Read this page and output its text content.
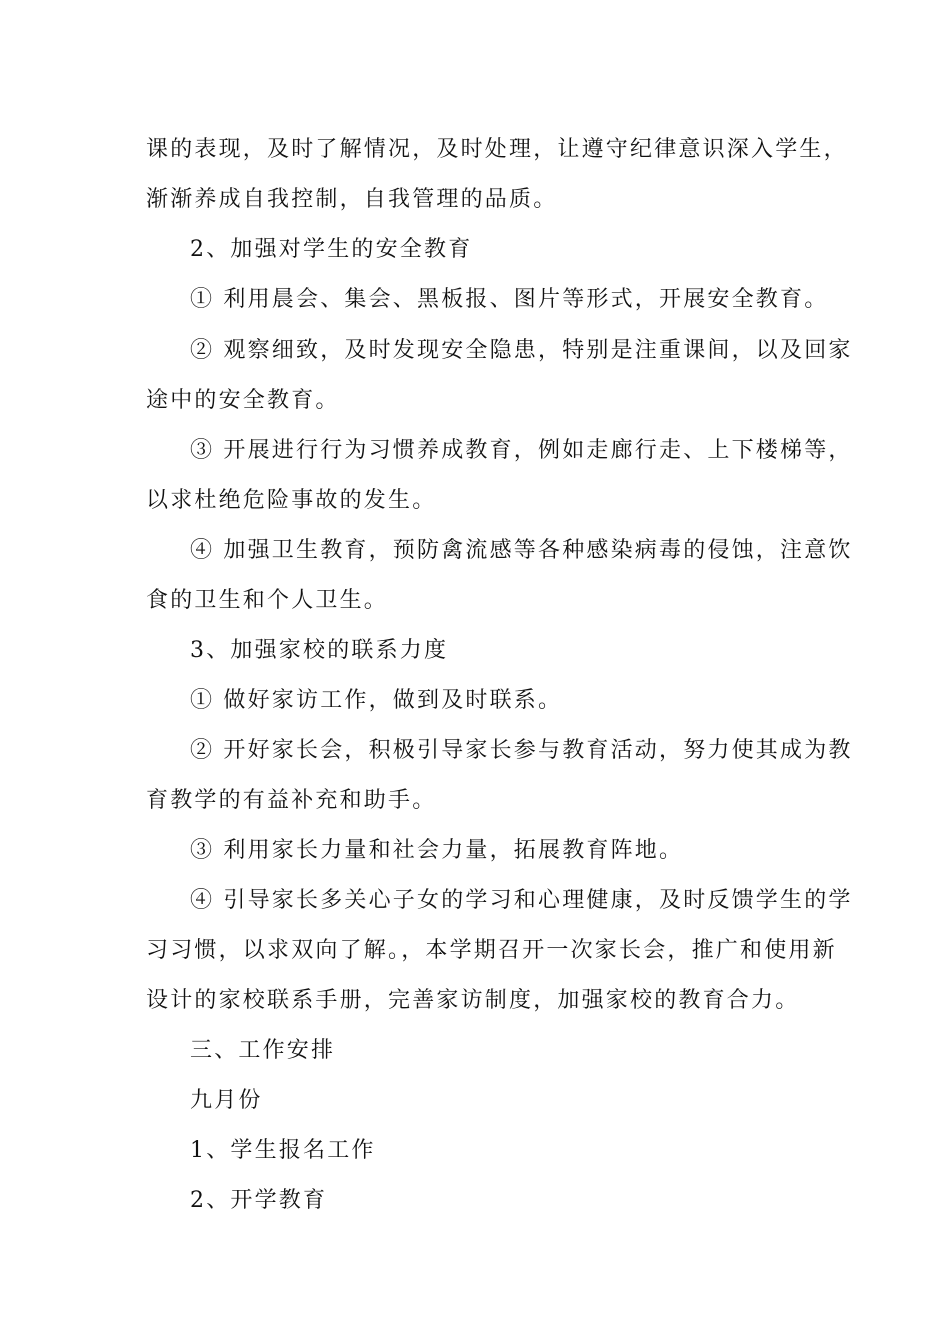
课的表现，及时了解情况，及时处理，让遵守纪律意识深入学生，
渐渐养成自我控制，自我管理的品质。
2、加强对学生的安全教育
① 利用晨会、集会、黑板报、图片等形式，开展安全教育。
② 观察细致，及时发现安全隐患，特别是注重课间，以及回家
途中的安全教育。
③ 开展进行行为习惯养成教育，例如走廊行走、上下楼梯等，
以求杜绝危险事故的发生。
④ 加强卫生教育，预防禽流感等各种感染病毒的侵蚀，注意饮
食的卫生和个人卫生。
3、加强家校的联系力度
① 做好家访工作，做到及时联系。
② 开好家长会，积极引导家长参与教育活动，努力使其成为教
育教学的有益补充和助手。
③ 利用家长力量和社会力量，拓展教育阵地。
④ 引导家长多关心子女的学习和心理健康，及时反馈学生的学
习习惯，以求双向了解。，本学期召开一次家长会，推广和使用新
设计的家校联系手册，完善家访制度，加强家校的教育合力。
三、工作安排
九月份
1、学生报名工作
2、开学教育
